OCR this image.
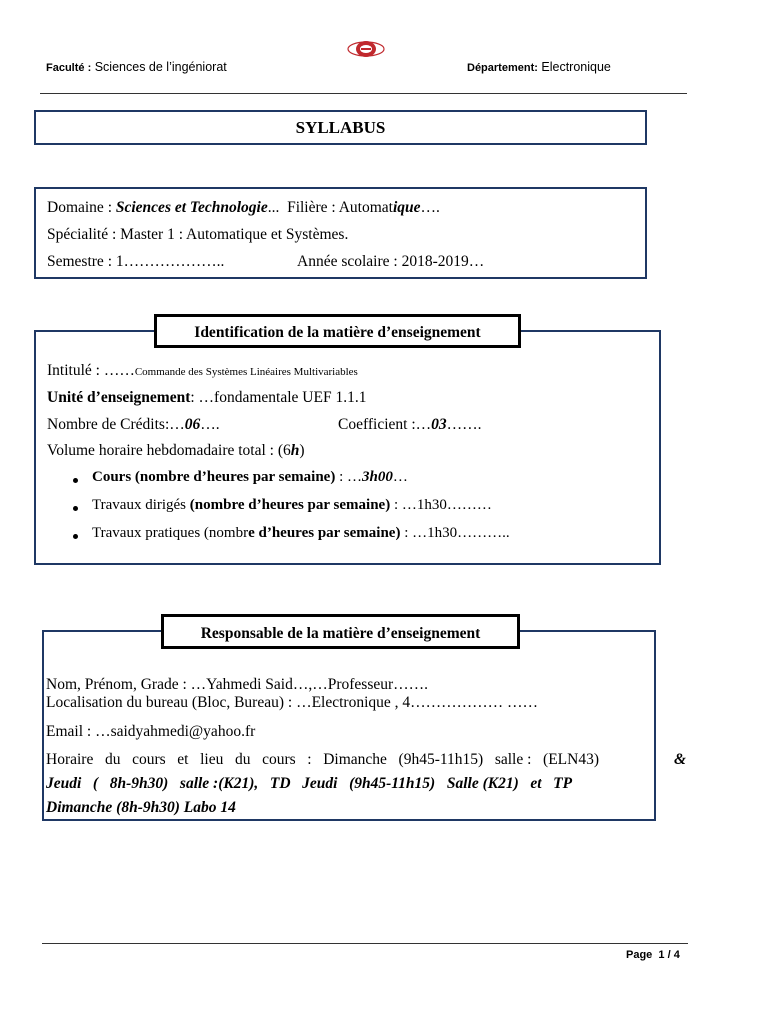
Faculté : Sciences de l’ingéniorat	Département: Electronique
SYLLABUS
Domaine : Sciences et Technologie... Filière : Automatique….
Spécialité : Master 1 : Automatique et Systèmes.
Semestre : 1………………..	Année scolaire : 2018-2019…
Identification de la matière d’enseignement
Intitulé : ……Commande des Systèmes Linéaires Multivariables
Unité d’enseignement: …fondamentale UEF 1.1.1
Nombre de Crédits:…06….	Coefficient :…03…….
Volume horaire hebdomadaire total : (6h)
Cours (nombre d’heures par semaine) : …3h00…
Travaux dirigés (nombre d’heures par semaine) : …1h30………
Travaux pratiques (nombre d’heures par semaine) : …1h30………..
Responsable de la matière d’enseignement
Nom, Prénom, Grade : …Yahmedi Said…,…Professeur…….
Localisation du bureau (Bloc, Bureau) : …Electronique , 4……………… ……
Email : …saidyahmedi@yahoo.fr
Horaire   du   cours   et   lieu   du   cours   :   Dimanche   (9h45-11h15)   salle :   (ELN43)	&
Jeudi   (   8h-9h30)   salle :(K21),   TD   Jeudi   (9h45-11h15)   Salle (K21)   et   TP
Dimanche (8h-9h30) Labo 14
Page  1 / 4
